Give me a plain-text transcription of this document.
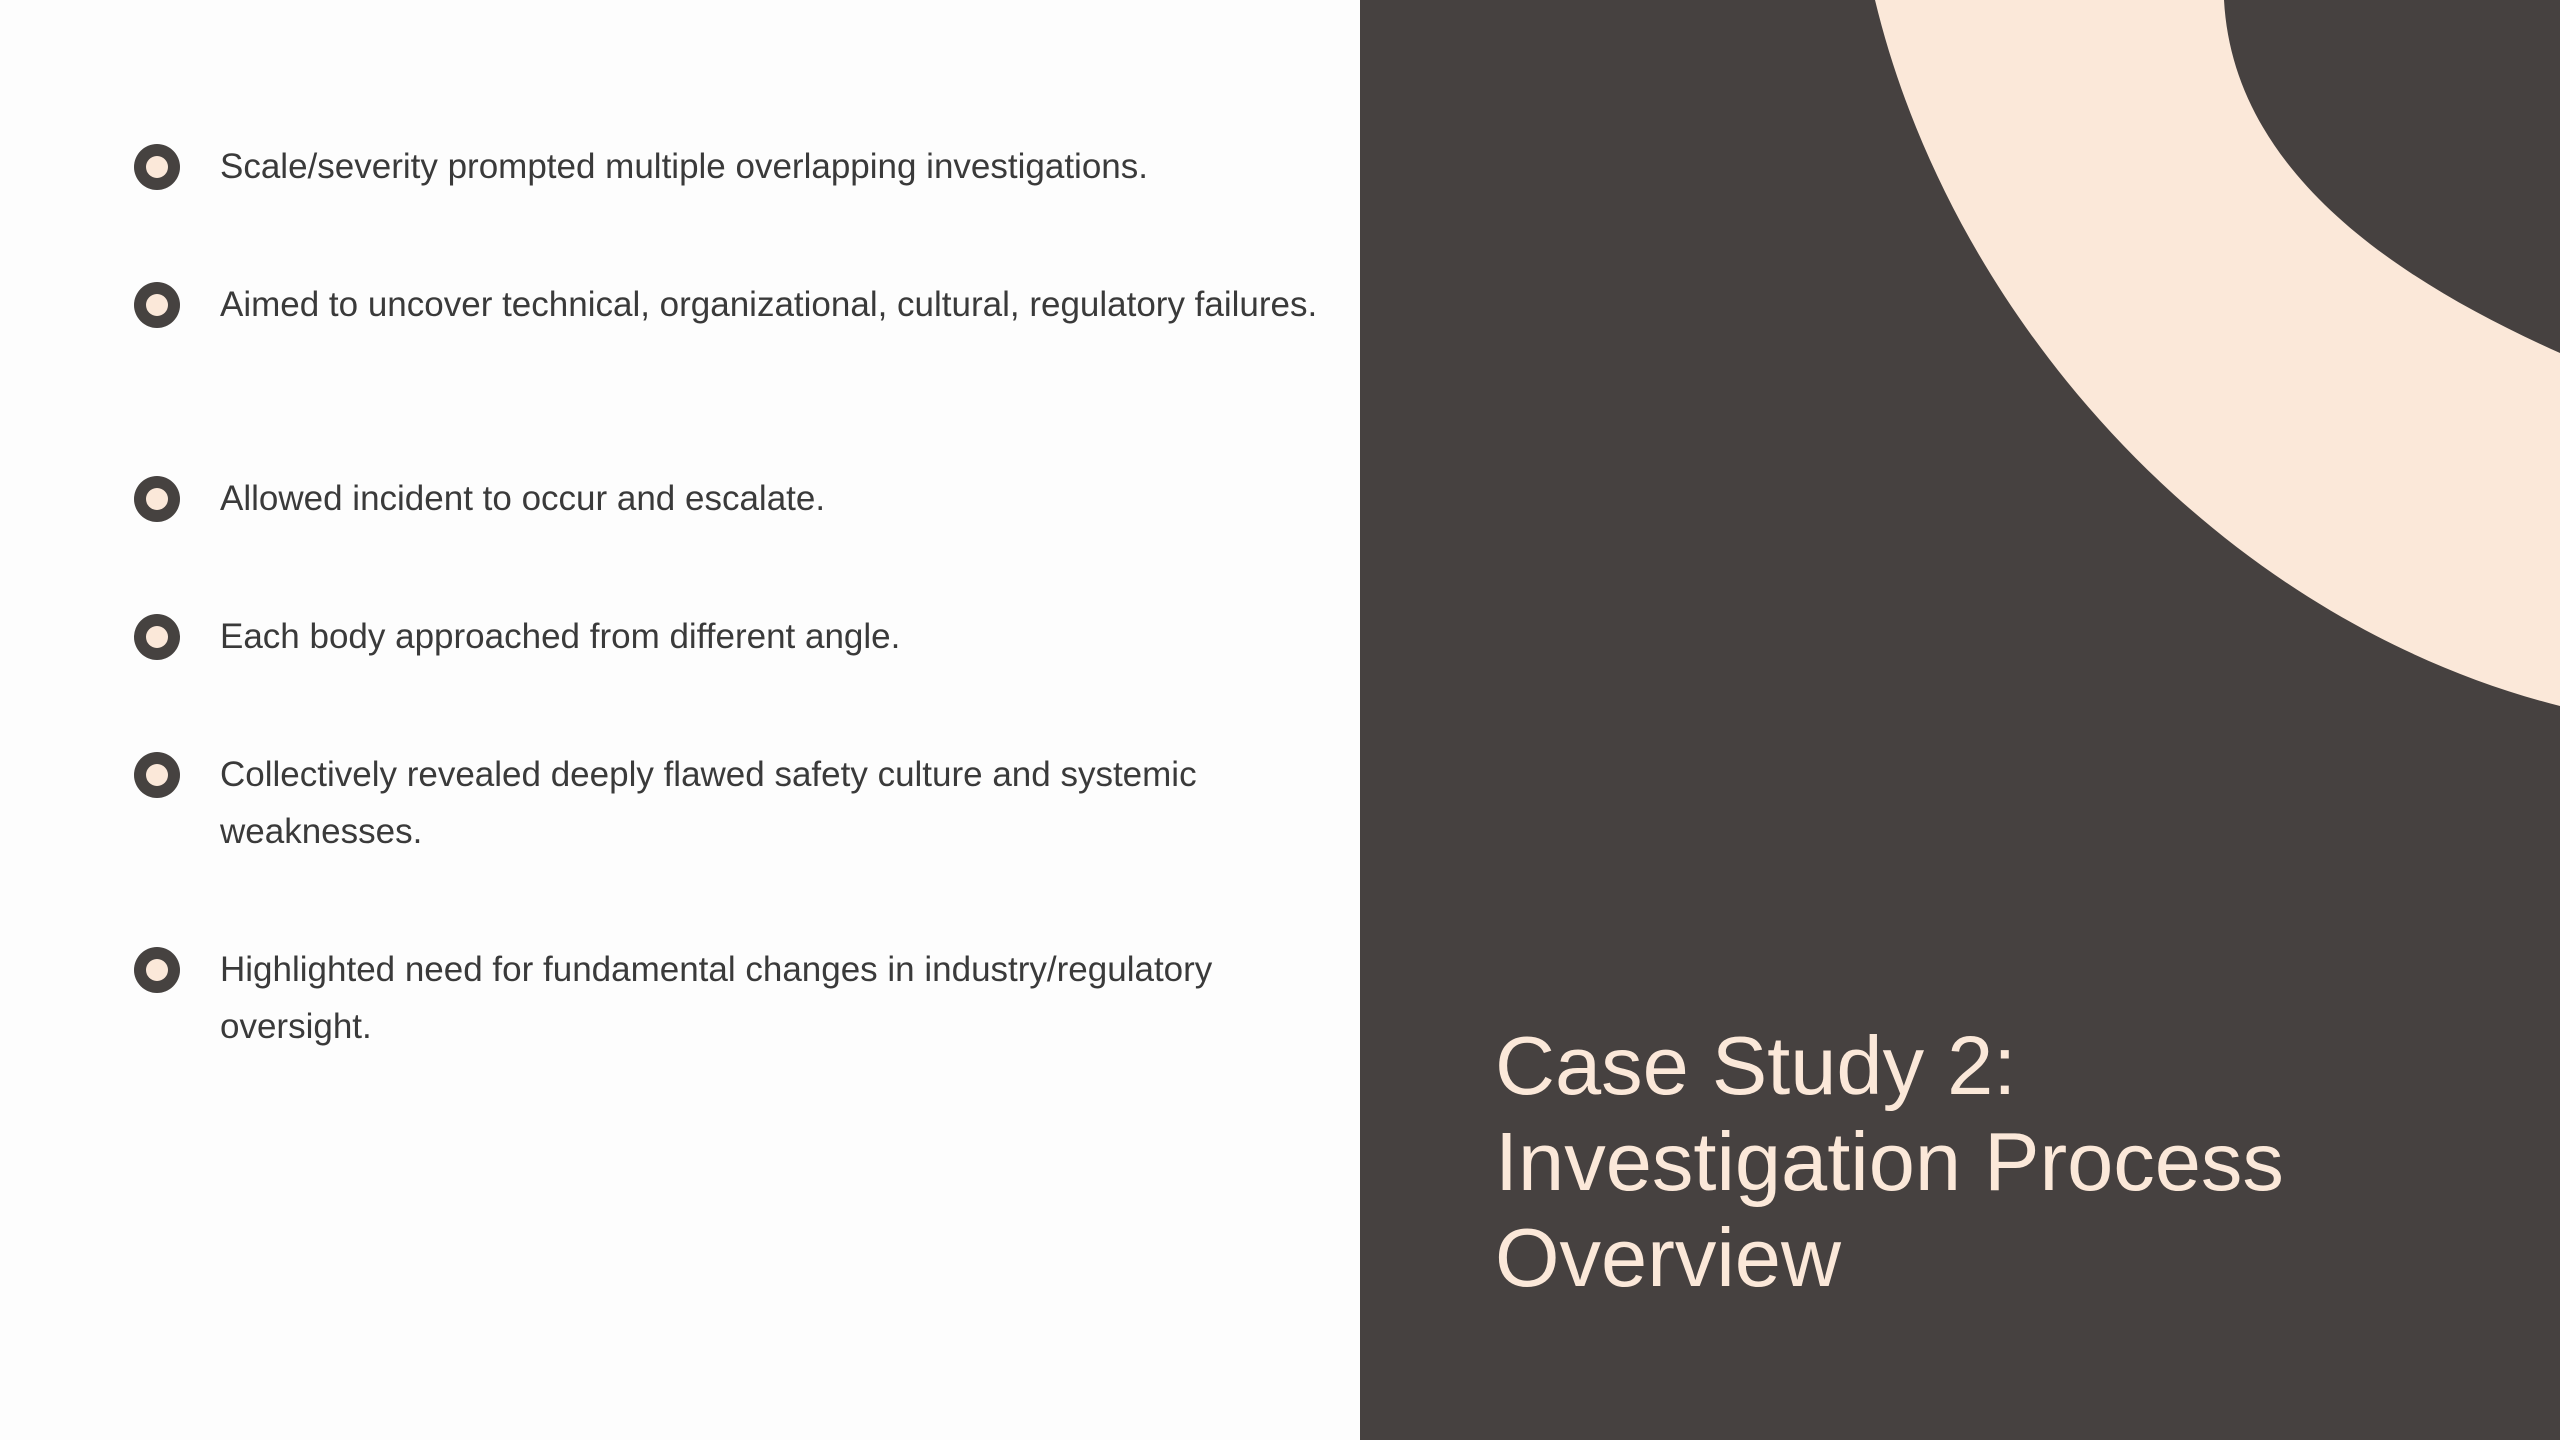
Scale/severity prompted multiple overlapping investigations.
Aimed to uncover technical, organizational, cultural, regulatory failures.
Allowed incident to occur and escalate.
Each body approached from different angle.
Collectively revealed deeply flawed safety culture and systemic weaknesses.
Highlighted need for fundamental changes in industry/regulatory oversight.	Case Study 2: Investigation Process Overview
